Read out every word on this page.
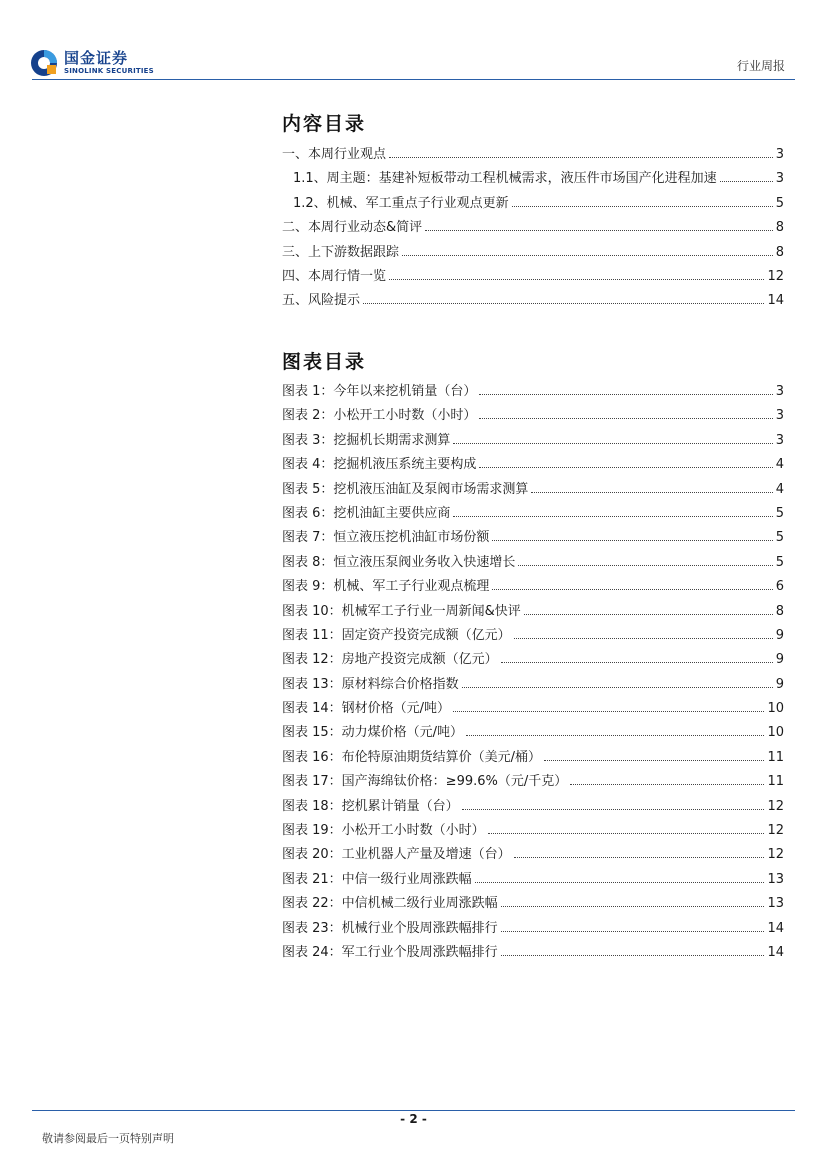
国金证券
SINOLINK SECURITIES	行业周报
内容目录
一、本周行业观点	3
1.1、周主题：基建补短板带动工程机械需求，液压件市场国产化进程加速	3
1.2、机械、军工重点子行业观点更新	5
二、本周行业动态&简评	8
三、上下游数据跟踪	8
四、本周行情一览	12
五、风险提示	14
图表目录
图表 1：今年以来挖机销量（台）	3
图表 2：小松开工小时数（小时）	3
图表 3：挖掘机长期需求测算	3
图表 4：挖掘机液压系统主要构成	4
图表 5：挖机液压油缸及泵阀市场需求测算	4
图表 6：挖机油缸主要供应商	5
图表 7：恒立液压挖机油缸市场份额	5
图表 8：恒立液压泵阀业务收入快速增长	5
图表 9：机械、军工子行业观点梳理	6
图表 10：机械军工子行业一周新闻&快评	8
图表 11：固定资产投资完成额（亿元）	9
图表 12：房地产投资完成额（亿元）	9
图表 13：原材料综合价格指数	9
图表 14：钢材价格（元/吨）	10
图表 15：动力煤价格（元/吨）	10
图表 16：布伦特原油期货结算价（美元/桶）	11
图表 17：国产海绵钛价格：≥99.6%（元/千克）	11
图表 18：挖机累计销量（台）	12
图表 19：小松开工小时数（小时）	12
图表 20：工业机器人产量及增速（台）	12
图表 21：中信一级行业周涨跌幅	13
图表 22：中信机械二级行业周涨跌幅	13
图表 23：机械行业个股周涨跌幅排行	14
图表 24：军工行业个股周涨跌幅排行	14
- 2 -
敬请参阅最后一页特别声明
